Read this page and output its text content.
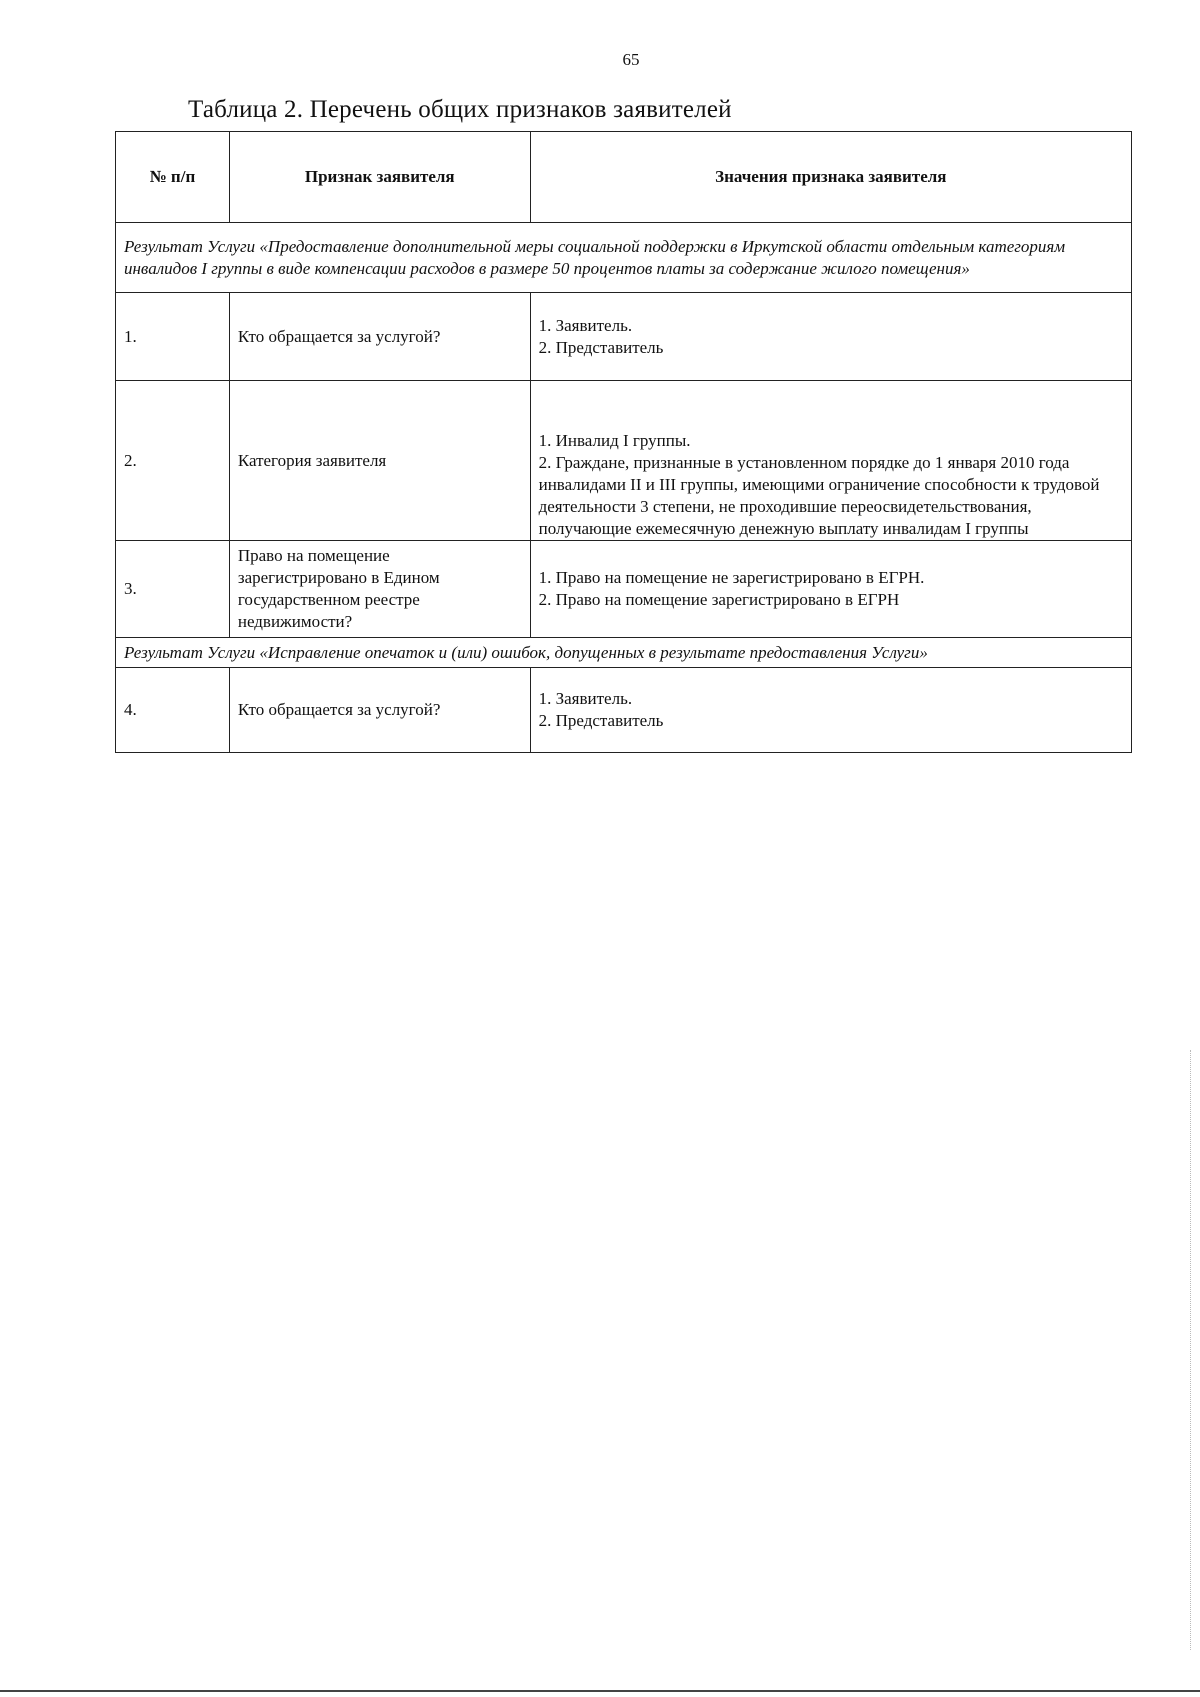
65
Таблица 2. Перечень общих признаков заявителей
№ п/п	Признак заявителя	Значения признака заявителя
Результат Услуги «Предоставление дополнительной меры социальной поддержки в Иркутской области отдельным категориям инвалидов I группы в виде компенсации расходов в размере 50 процентов платы за содержание жилого помещения»		
1.	Кто обращается за услугой?	1. Заявитель.
2. Представитель

2.	Категория заявителя	1. Инвалид I группы.
2. Граждане, признанные в установленном порядке до 1 января 2010 года инвалидами II и III группы, имеющими ограничение способности к трудовой деятельности 3 степени, не проходившие переосвидетельствования, получающие ежемесячную денежную выплату инвалидам I группы

3.	Право на помещение зарегистрировано в Едином государственном реестре недвижимости?	1. Право на помещение не зарегистрировано в ЕГРН.
2. Право на помещение зарегистрировано в ЕГРН

Результат Услуги «Исправление опечаток и (или) ошибок, допущенных в результате предоставления Услуги»		
4.	Кто обращается за услугой?	1. Заявитель.
2. Представитель
